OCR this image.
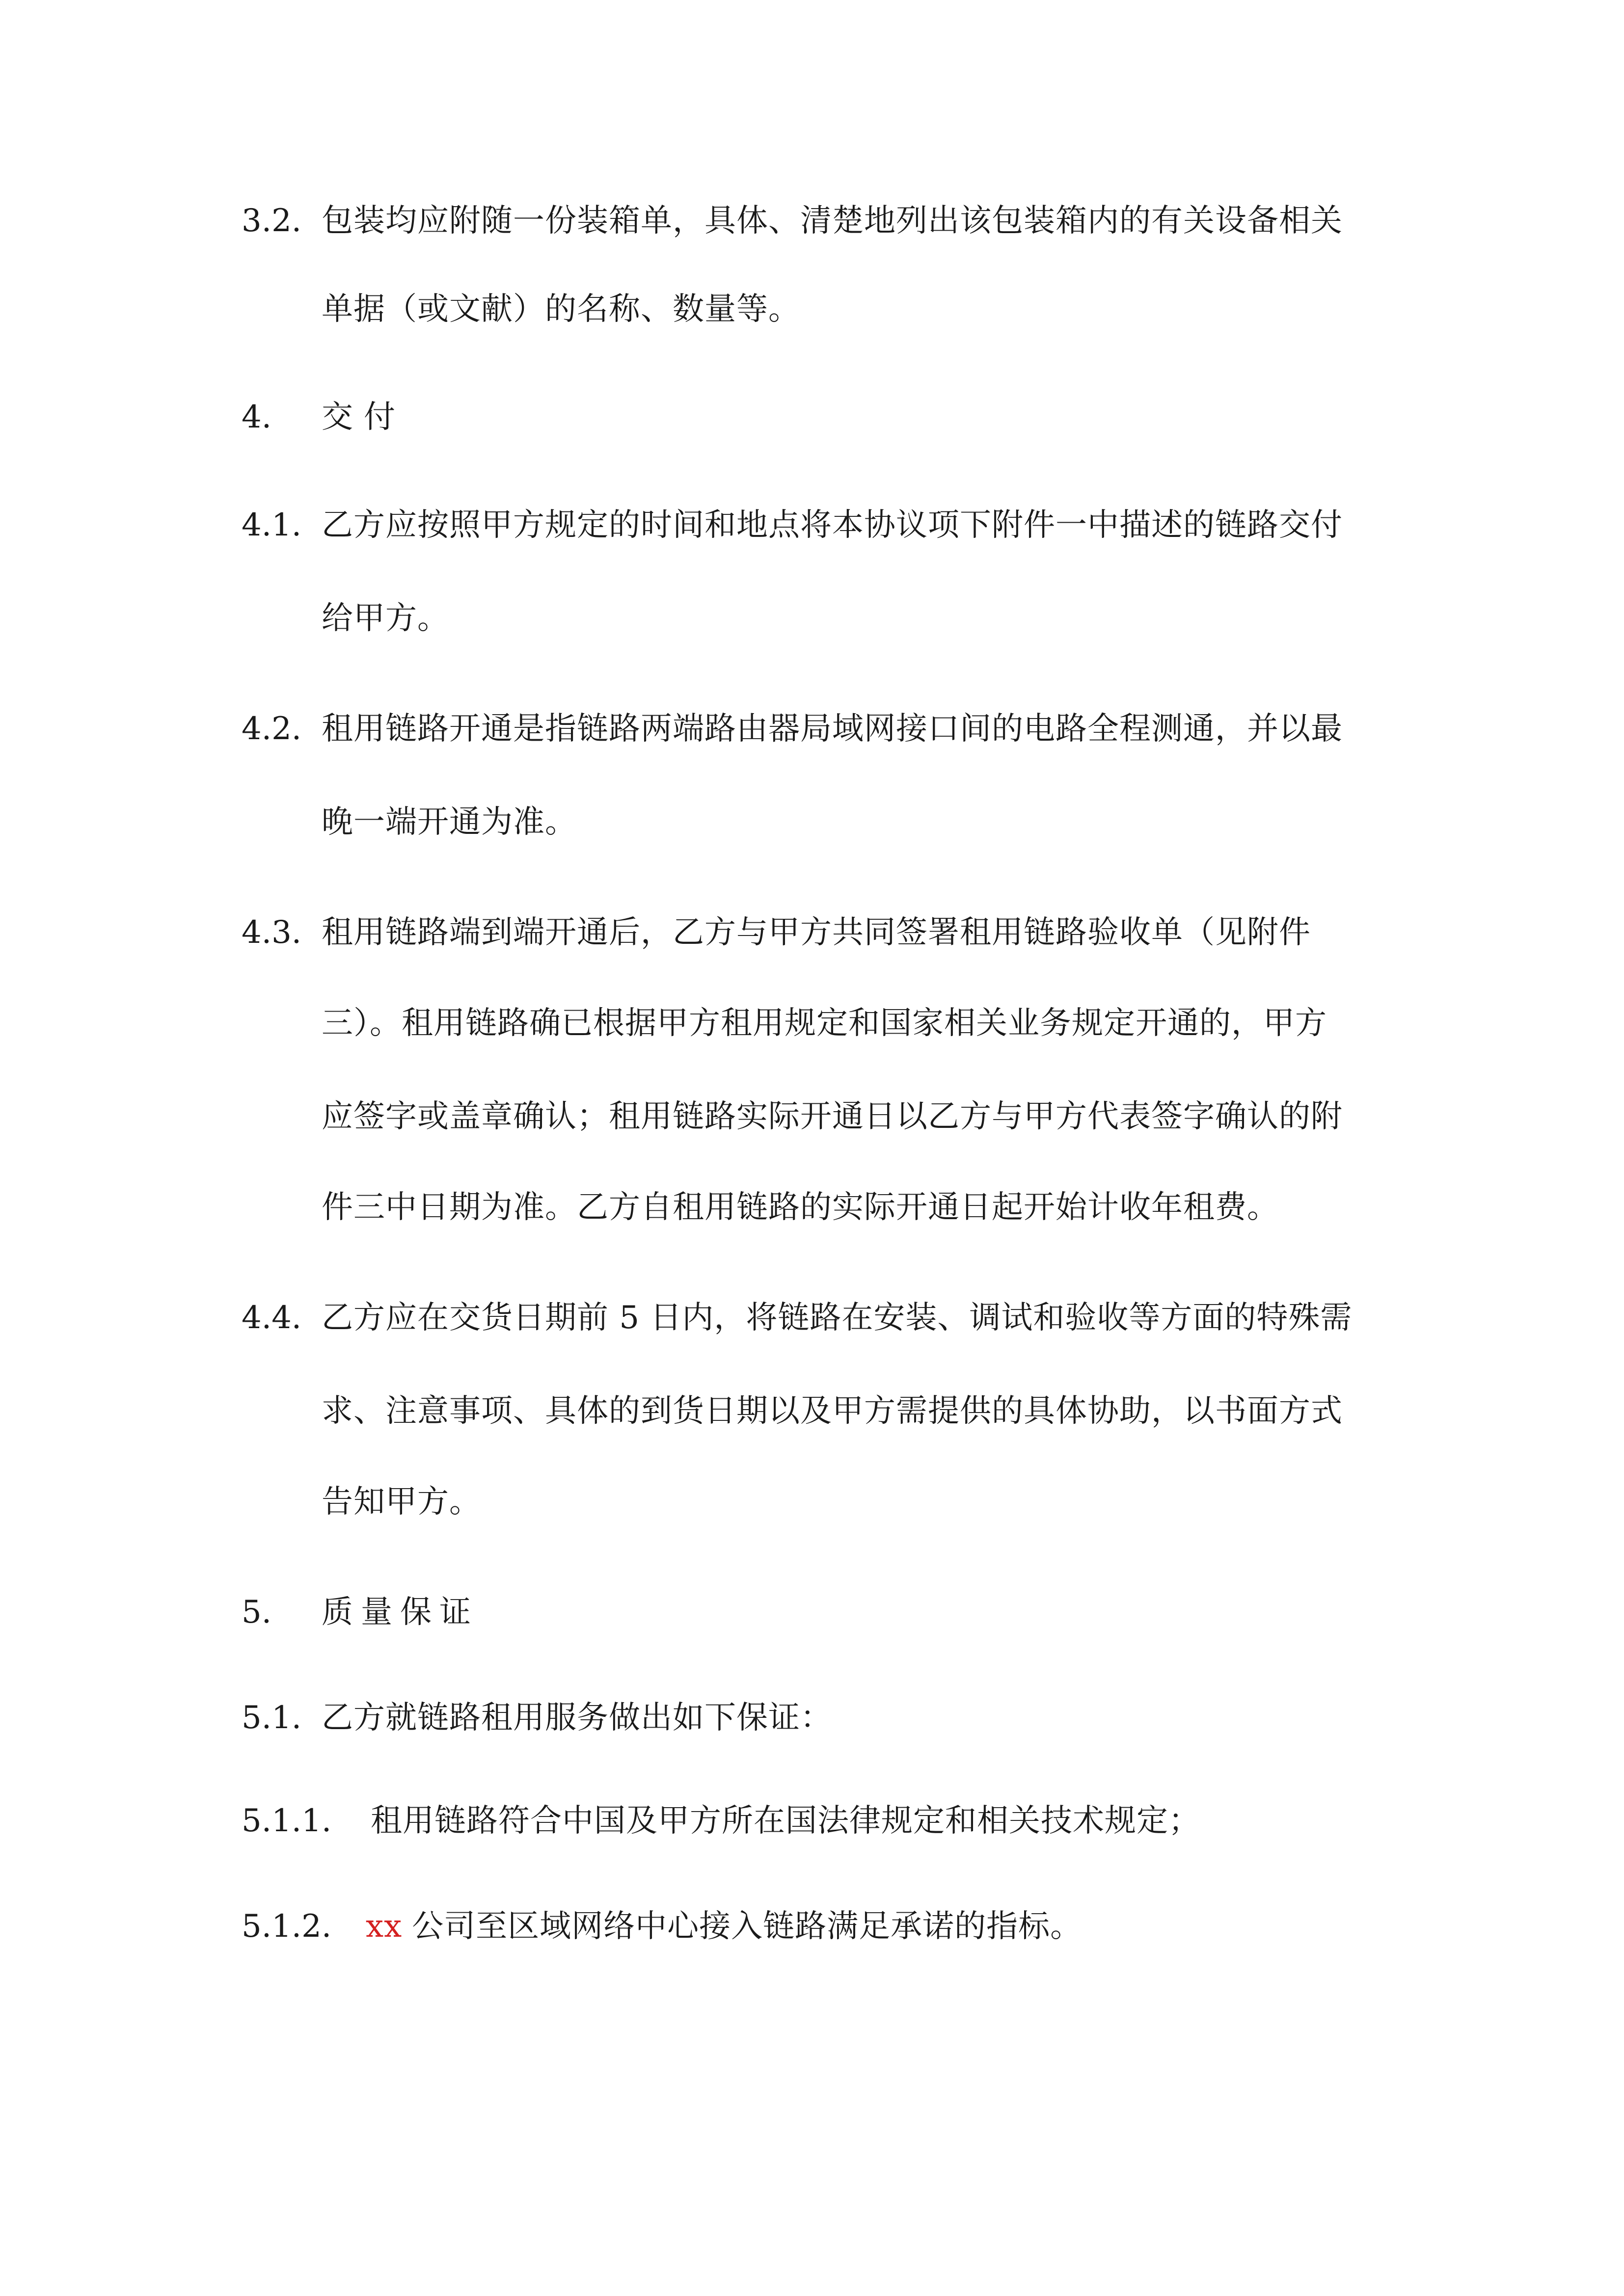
3.2. 包装均应附随一份装箱单，具体、清楚地列出该包装箱内的有关设备相关
单据（或文献）的名称、数量等。
4. 交付
4.1. 乙方应按照甲方规定的时间和地点将本协议项下附件一中描述的链路交付
给甲方。
4.2. 租用链路开通是指链路两端路由器局域网接口间的电路全程测通，并以最
晚一端开通为准。
4.3. 租用链路端到端开通后，乙方与甲方共同签署租用链路验收单（见附件
三）。租用链路确已根据甲方租用规定和国家相关业务规定开通的，甲方
应签字或盖章确认；租用链路实际开通日以乙方与甲方代表签字确认的附
件三中日期为准。乙方自租用链路的实际开通日起开始计收年租费。
4.4. 乙方应在交货日期前 5 日内，将链路在安装、调试和验收等方面的特殊需
求、注意事项、具体的到货日期以及甲方需提供的具体协助，以书面方式
告知甲方。
5. 质量保证
5.1. 乙方就链路租用服务做出如下保证：
5.1.1. 租用链路符合中国及甲方所在国法律规定和相关技术规定；
5.1.2. xx 公司至区域网络中心接入链路满足承诺的指标。
